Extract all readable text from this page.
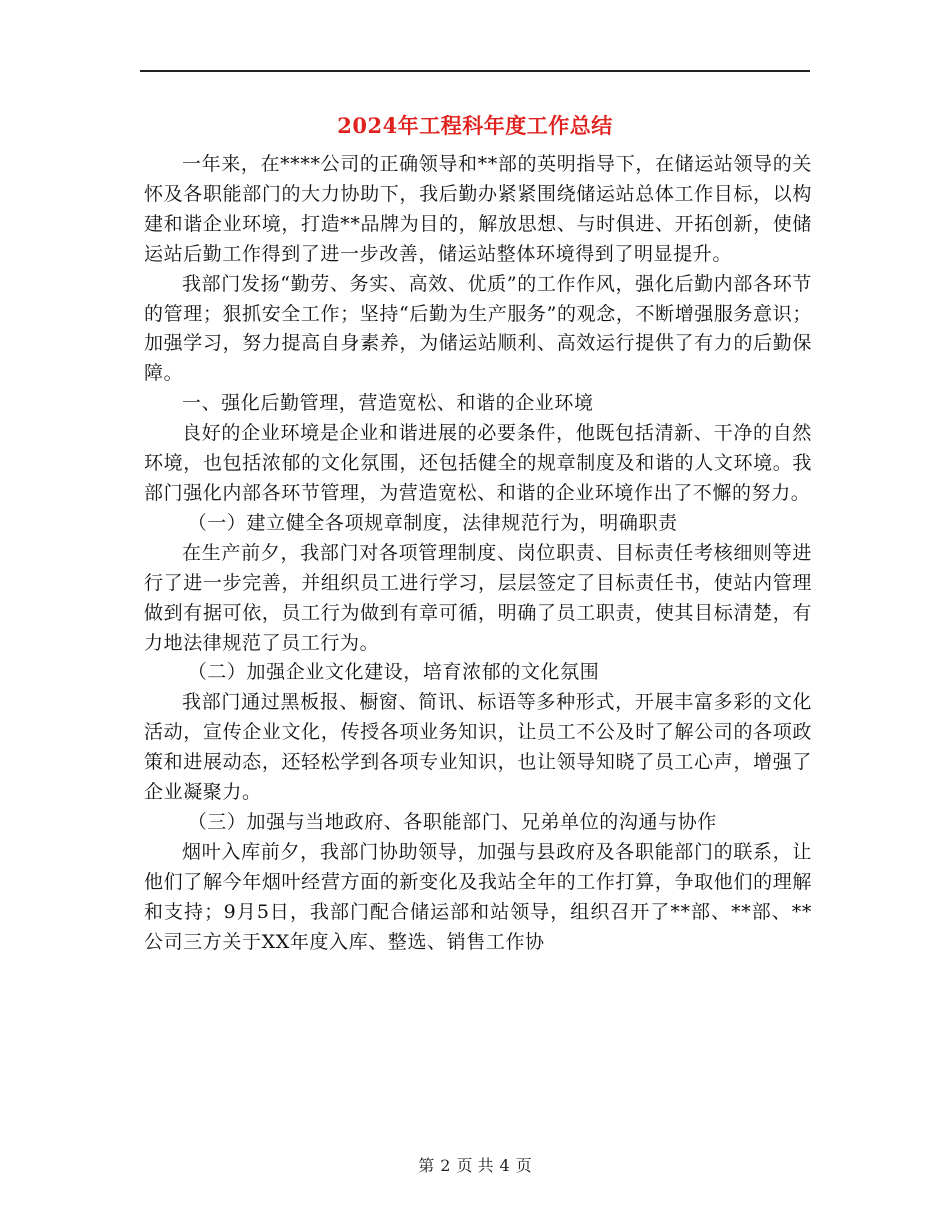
2024年工程科年度工作总结

一年来，在****公司的正确领导和**部的英明指导下，在储运站领导的关怀及各职能部门的大力协助下，我后勤办紧紧围绕储运站总体工作目标，以构建和谐企业环境，打造**品牌为目的，解放思想、与时俱进、开拓创新，使储运站后勤工作得到了进一步改善，储运站整体环境得到了明显提升。

我部门发扬“勤劳、务实、高效、优质”的工作作风，强化后勤内部各环节的管理；狠抓安全工作；坚持“后勤为生产服务”的观念，不断增强服务意识；加强学习，努力提高自身素养，为储运站顺利、高效运行提供了有力的后勤保障。

一、强化后勤管理，营造宽松、和谐的企业环境

良好的企业环境是企业和谐进展的必要条件，他既包括清新、干净的自然环境，也包括浓郁的文化氛围，还包括健全的规章制度及和谐的人文环境。我部门强化内部各环节管理，为营造宽松、和谐的企业环境作出了不懈的努力。

（一）建立健全各项规章制度，法律规范行为，明确职责

在生产前夕，我部门对各项管理制度、岗位职责、目标责任考核细则等进行了进一步完善，并组织员工进行学习，层层签定了目标责任书，使站内管理做到有据可依，员工行为做到有章可循，明确了员工职责，使其目标清楚，有力地法律规范了员工行为。

（二）加强企业文化建设，培育浓郁的文化氛围

我部门通过黑板报、橱窗、简讯、标语等多种形式，开展丰富多彩的文化活动，宣传企业文化，传授各项业务知识，让员工不公及时了解公司的各项政策和进展动态，还轻松学到各项专业知识，也让领导知晓了员工心声，增强了企业凝聚力。

（三）加强与当地政府、各职能部门、兄弟单位的沟通与协作

烟叶入库前夕，我部门协助领导，加强与县政府及各职能部门的联系，让他们了解今年烟叶经营方面的新变化及我站全年的工作打算，争取他们的理解和支持；9月5日，我部门配合储运部和站领导，组织召开了**部、**部、**公司三方关于XX年度入库、整选、销售工作协

第 2 页 共 4 页
